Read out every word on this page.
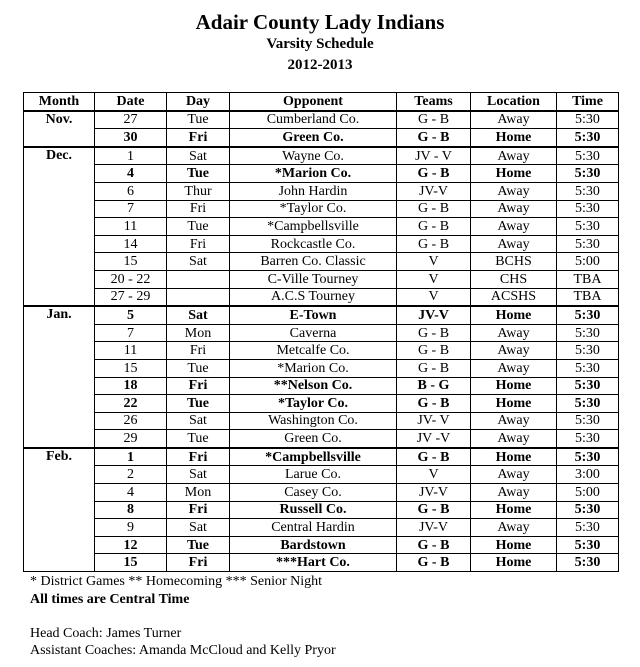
Adair County Lady Indians
Varsity Schedule
2012-2013
Month	Date	Day	Opponent	Teams	Location	Time
Nov.	27	Tue	Cumberland Co.	G - B	Away	5:30
	30	Fri	Green Co.	G - B	Home	5:30
Dec.	1	Sat	Wayne Co.	JV - V	Away	5:30
	4	Tue	*Marion Co.	G - B	Home	5:30
	6	Thur	John Hardin	JV-V	Away	5:30
	7	Fri	*Taylor Co.	G - B	Away	5:30
	11	Tue	*Campbellsville	G - B	Away	5:30
	14	Fri	Rockcastle Co.	G - B	Away	5:30
	15	Sat	Barren Co. Classic	V	BCHS	5:00
	20 - 22		C-Ville Tourney	V	CHS	TBA
	27 - 29		A.C.S Tourney	V	ACSHS	TBA
Jan.	5	Sat	E-Town	JV-V	Home	5:30
	7	Mon	Caverna	G - B	Away	5:30
	11	Fri	Metcalfe Co.	G - B	Away	5:30
	15	Tue	*Marion Co.	G - B	Away	5:30
	18	Fri	**Nelson Co.	B - G	Home	5:30
	22	Tue	*Taylor Co.	G - B	Home	5:30
	26	Sat	Washington Co.	JV- V	Away	5:30
	29	Tue	Green Co.	JV -V	Away	5:30
Feb.	1	Fri	*Campbellsville	G - B	Home	5:30
	2	Sat	Larue Co.	V	Away	3:00
	4	Mon	Casey Co.	JV-V	Away	5:00
	8	Fri	Russell Co.	G - B	Home	5:30
	9	Sat	Central Hardin	JV-V	Away	5:30
	12	Tue	Bardstown	G - B	Home	5:30
	15	Fri	***Hart Co.	G - B	Home	5:30
* District Games ** Homecoming *** Senior Night
All times are Central Time
Head Coach: James Turner
Assistant Coaches: Amanda McCloud and Kelly Pryor
